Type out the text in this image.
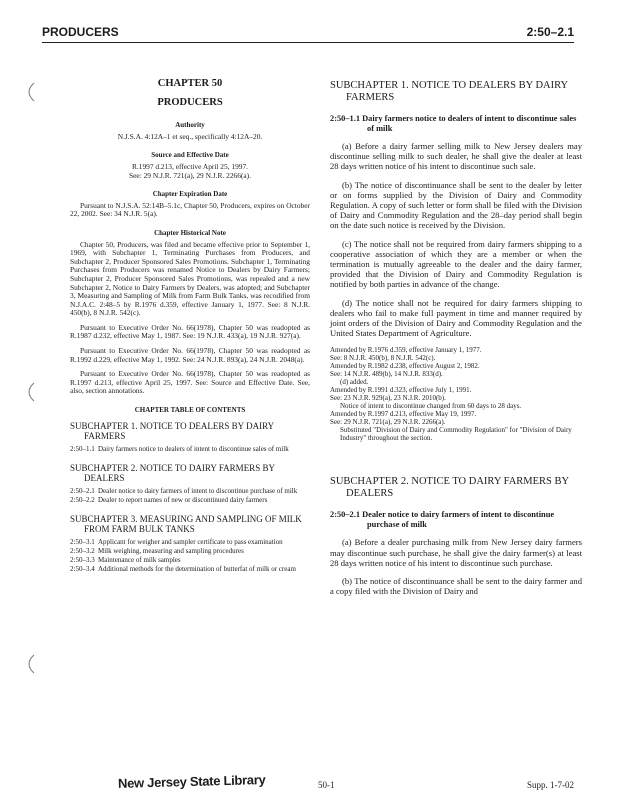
PRODUCERS	2:50–2.1
CHAPTER 50
PRODUCERS
Authority
N.J.S.A. 4:12A–1 et seq., specifically 4:12A–20.
Source and Effective Date
R.1997 d.213, effective April 25, 1997.
See: 29 N.J.R. 721(a), 29 N.J.R. 2266(a).
Chapter Expiration Date

Pursuant to N.J.S.A. 52:14B–5.1c, Chapter 50, Producers, expires on October 22, 2002. See: 34 N.J.R. 5(a).

Chapter Historical Note

Chapter 50, Producers, was filed and became effective prior to September 1, 1969, with Subchapter 1, Terminating Purchases from Producers, and Subchapter 2, Producer Sponsored Sales Promotions. Subchapter 1, Terminating Purchases from Producers was renamed Notice to Dealers by Dairy Farmers; Subchapter 2, Producer Sponsored Sales Promotions, was repealed and a new Subchapter 2, Notice to Dairy Farmers by Dealers, was adopted; and Subchapter 3, Measuring and Sampling of Milk from Farm Bulk Tanks, was recodified from N.J.A.C. 2:48–5 by R.1976 d.359, effective January 1, 1977. See: 8 N.J.R. 450(b), 8 N.J.R. 542(c).

Pursuant to Executive Order No. 66(1978), Chapter 50 was readopted as R.1987 d.232, effective May 1, 1987. See: 19 N.J.R. 433(a), 19 N.J.R. 927(a).

Pursuant to Executive Order No. 66(1978), Chapter 50 was readopted as R.1992 d.229, effective May 1, 1992. See: 24 N.J.R. 893(a), 24 N.J.R. 2048(a).

Pursuant to Executive Order No. 66(1978), Chapter 50 was readopted as R.1997 d.213, effective April 25, 1997. See: Source and Effective Date. See, also, section annotations.

CHAPTER TABLE OF CONTENTS
SUBCHAPTER 1. NOTICE TO DEALERS BY DAIRY FARMERS
2:50–1.1 Dairy farmers notice to dealers of intent to discontinue sales of milk
SUBCHAPTER 2. NOTICE TO DAIRY FARMERS BY DEALERS
2:50–2.1 Dealer notice to dairy farmers of intent to discontinue purchase of milk
2:50–2.2 Dealer to report names of new or discontinued dairy farmers
SUBCHAPTER 3. MEASURING AND SAMPLING OF MILK FROM FARM BULK TANKS
2:50–3.1 Applicant for weigher and sampler certificate to pass examination
2:50–3.2 Milk weighing, measuring and sampling procedures
2:50–3.3 Maintenance of milk samples
2:50–3.4 Additional methods for the determination of butterfat of milk or cream
SUBCHAPTER 1. NOTICE TO DEALERS BY DAIRY FARMERS
2:50–1.1 Dairy farmers notice to dealers of intent to discontinue sales of milk

(a) Before a dairy farmer selling milk to New Jersey dealers may discontinue selling milk to such dealer, he shall give the dealer at least 28 days written notice of his intent to discontinue such sale.

(b) The notice of discontinuance shall be sent to the dealer by letter or on forms supplied by the Division of Dairy and Commodity Regulation. A copy of such letter or form shall be filed with the Division of Dairy and Commodity Regulation and the 28–day period shall begin on the date such notice is received by the Division.

(c) The notice shall not be required from dairy farmers shipping to a cooperative association of which they are a member or when the termination is mutually agreeable to the dealer and the dairy farmer, provided that the Division of Dairy and Commodity Regulation is notified by both parties in advance of the change.

(d) The notice shall not be required for dairy farmers shipping to dealers who fail to make full payment in time and manner required by joint orders of the Division of Dairy and Commodity Regulation and the United States Department of Agriculture.

Amended by R.1976 d.359, effective January 1, 1977.
See: 8 N.J.R. 450(b), 8 N.J.R. 542(c).
Amended by R.1982 d.238, effective August 2, 1982.
See: 14 N.J.R. 489(b), 14 N.J.R. 833(d).
(d) added.
Amended by R.1991 d.323, effective July 1, 1991.
See: 23 N.J.R. 929(a), 23 N.J.R. 2010(b).
Notice of intent to discontinue changed from 60 days to 28 days.
Amended by R.1997 d.213, effective May 19, 1997.
See: 29 N.J.R. 721(a), 29 N.J.R. 2266(a).
Substituted "Division of Dairy and Commodity Regulation" for "Division of Dairy Industry" throughout the section.
SUBCHAPTER 2. NOTICE TO DAIRY FARMERS BY DEALERS
2:50–2.1 Dealer notice to dairy farmers of intent to discontinue purchase of milk

(a) Before a dealer purchasing milk from New Jersey dairy farmers may discontinue such purchase, he shall give the dairy farmer(s) at least 28 days written notice of his intent to discontinue such purchase.

(b) The notice of discontinuance shall be sent to the dairy farmer and a copy filed with the Division of Dairy and

New Jersey State Library	50-1	Supp. 1-7-02
